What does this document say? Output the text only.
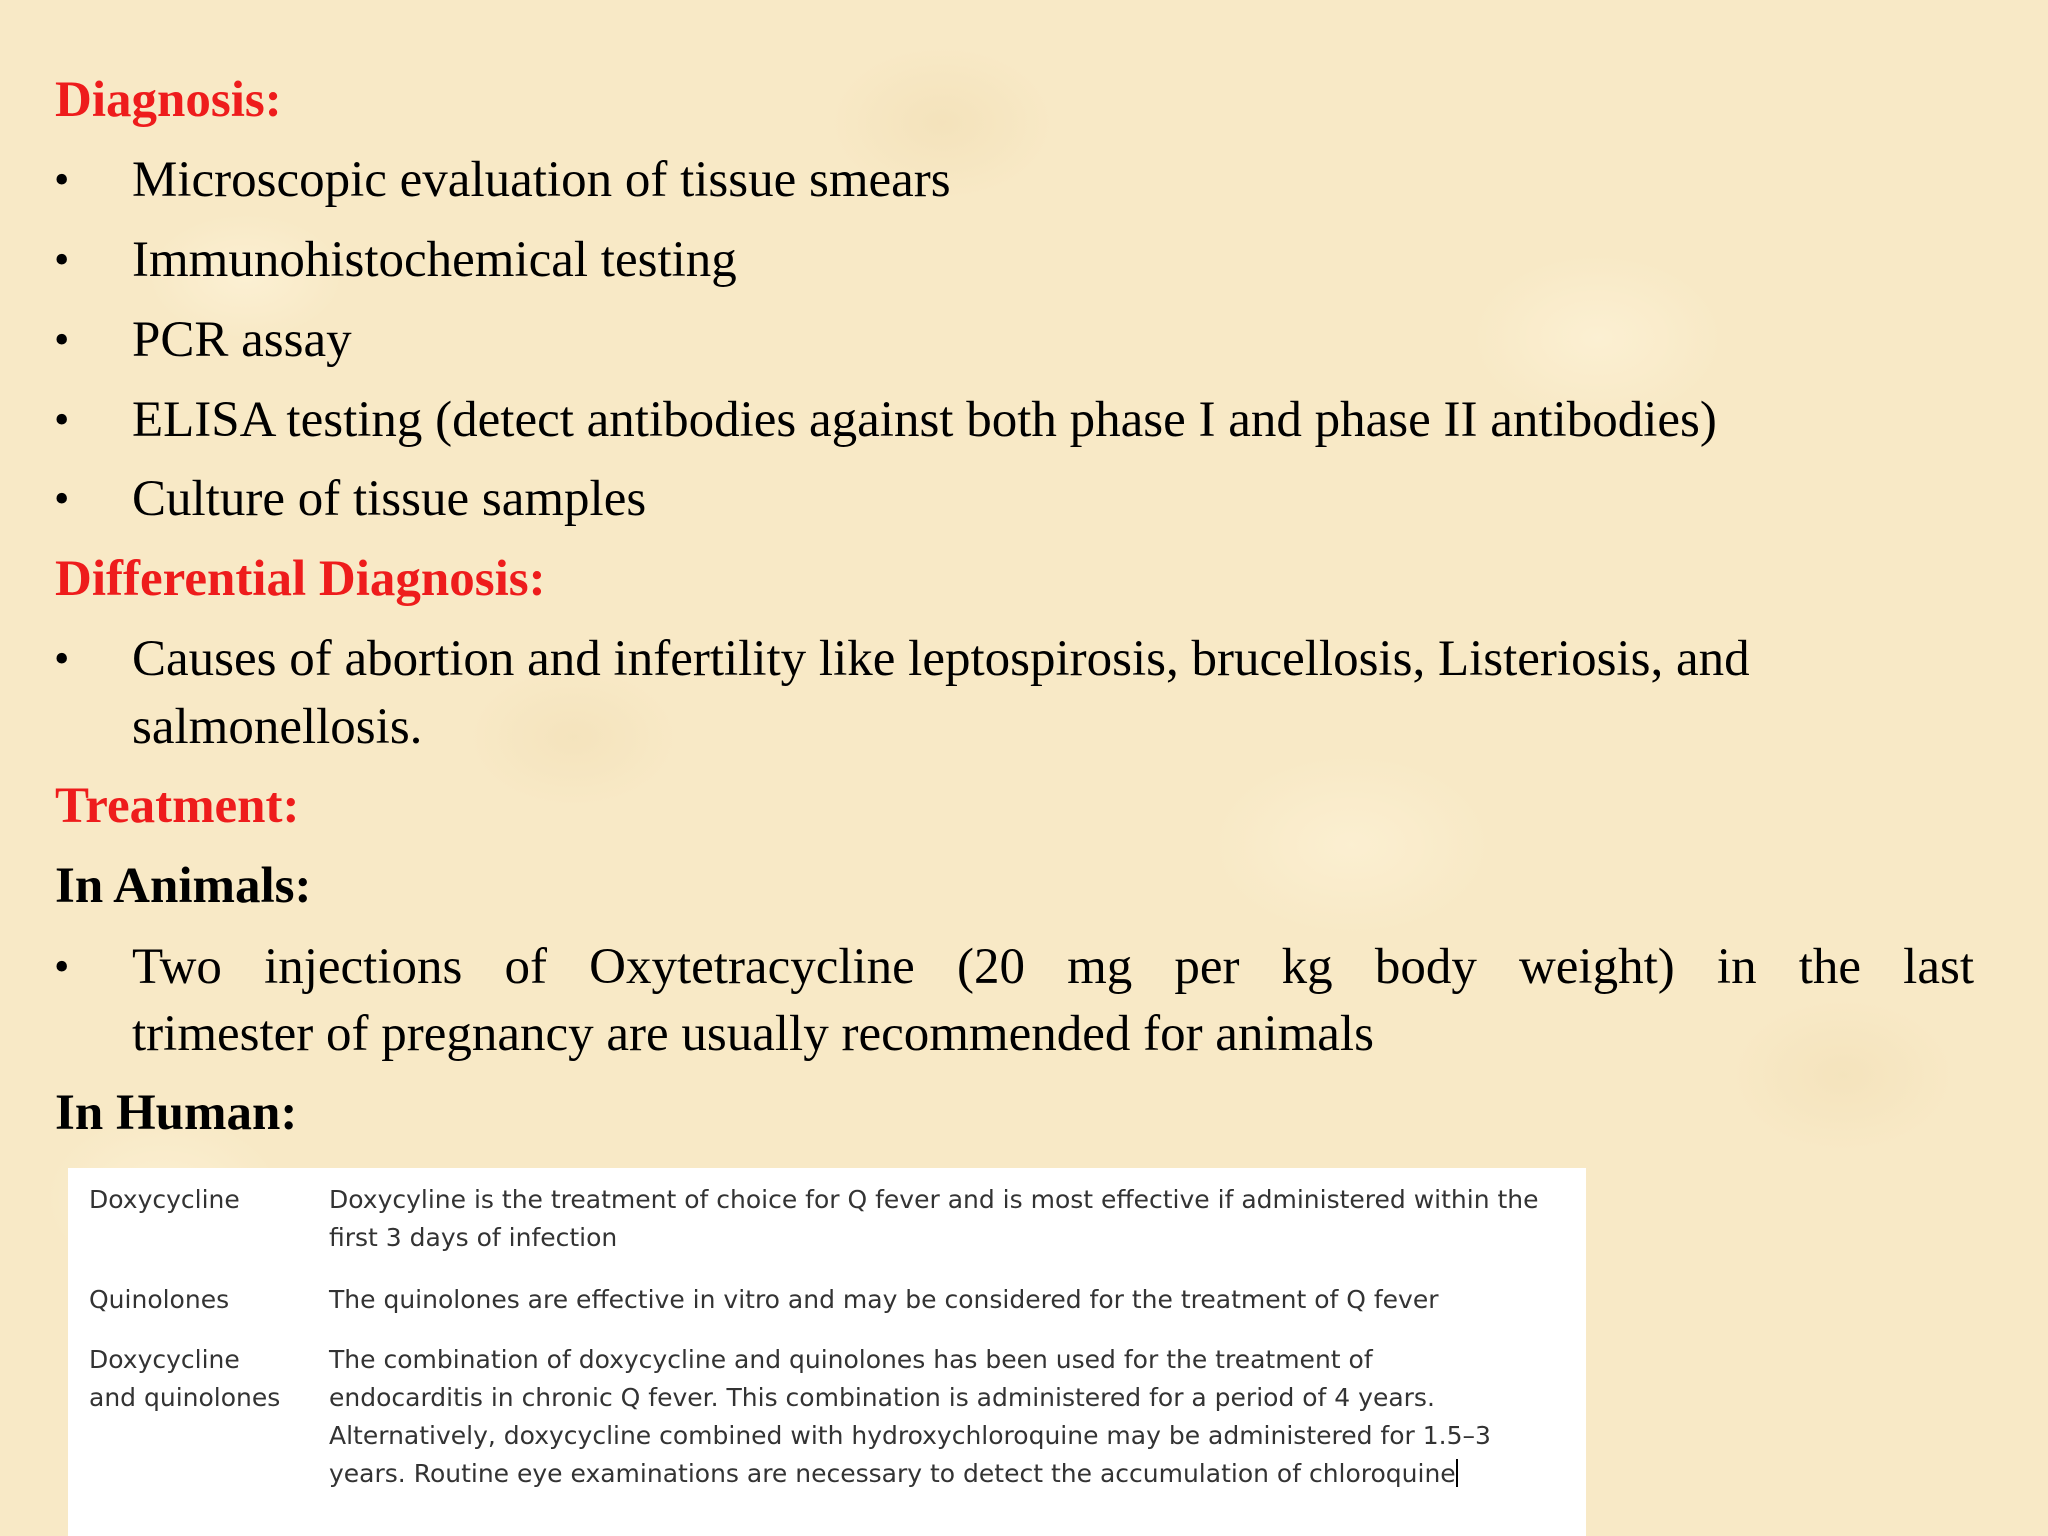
Diagnosis:
• Microscopic evaluation of tissue smears
• Immunohistochemical testing
• PCR assay
• ELISA testing (detect antibodies against both phase I and phase II antibodies)
• Culture of tissue samples
Differential Diagnosis:
• Causes of abortion and infertility like leptospirosis, brucellosis, Listeriosis, and
salmonellosis.
Treatment:
In Animals:
• Two injections of Oxytetracycline (20 mg per kg body weight) in the last
trimester of pregnancy are usually recommended for animals
In Human:
Doxycycline	Doxycyline is the treatment of choice for Q fever and is most effective if administered within the first 3 days of infection
Quinolones	The quinolones are effective in vitro and may be considered for the treatment of Q fever
Doxycycline and quinolones
The combination of doxycycline and quinolones has been used for the treatment of endocarditis in chronic Q fever. This combination is administered for a period of 4 years. Alternatively, doxycycline combined with hydroxychloroquine may be administered for 1.5–3 years. Routine eye examinations are necessary to detect the accumulation of chloroquine
